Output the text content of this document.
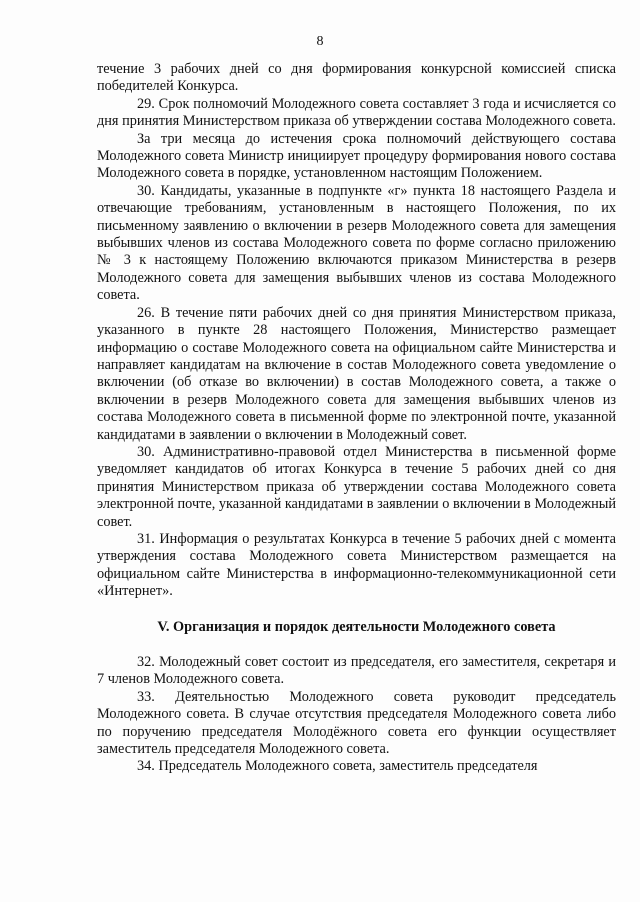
8

течение 3 рабочих дней со дня формирования конкурсной комиссией списка победителей Конкурса.

29. Срок полномочий Молодежного совета составляет 3 года и исчисляется со дня принятия Министерством приказа об утверждении состава Молодежного совета.

За три месяца до истечения срока полномочий действующего состава Молодежного совета Министр инициирует процедуру формирования нового состава Молодежного совета в порядке, установленном настоящим Положением.

30. Кандидаты, указанные в подпункте «г» пункта 18 настоящего Раздела и отвечающие требованиям, установленным в настоящего Положения, по их письменному заявлению о включении в резерв Молодежного совета для замещения выбывших членов из состава Молодежного совета по форме согласно приложению № 3 к настоящему Положению включаются приказом Министерства в резерв Молодежного совета для замещения выбывших членов из состава Молодежного совета.

26. В течение пяти рабочих дней со дня принятия Министерством приказа, указанного в пункте 28 настоящего Положения, Министерство размещает информацию о составе Молодежного совета на официальном сайте Министерства и направляет кандидатам на включение в состав Молодежного совета уведомление о включении (об отказе во включении) в состав Молодежного совета, а также о включении в резерв Молодежного совета для замещения выбывших членов из состава Молодежного совета в письменной форме по электронной почте, указанной кандидатами в заявлении о включении в Молодежный совет.

30. Административно-правовой отдел Министерства в письменной форме уведомляет кандидатов об итогах Конкурса в течение 5 рабочих дней со дня принятия Министерством приказа об утверждении состава Молодежного совета электронной почте, указанной кандидатами в заявлении о включении в Молодежный совет.

31. Информация о результатах Конкурса в течение 5 рабочих дней с момента утверждения состава Молодежного совета Министерством размещается на официальном сайте Министерства в информационно-телекоммуникационной сети «Интернет».

V. Организация и порядок деятельности Молодежного совета

32. Молодежный совет состоит из председателя, его заместителя, секретаря и 7 членов Молодежного совета.

33. Деятельностью Молодежного совета руководит председатель Молодежного совета. В случае отсутствия председателя Молодежного совета либо по поручению председателя Молодёжного совета его функции осуществляет заместитель председателя Молодежного совета.

34. Председатель Молодежного совета, заместитель председателя
